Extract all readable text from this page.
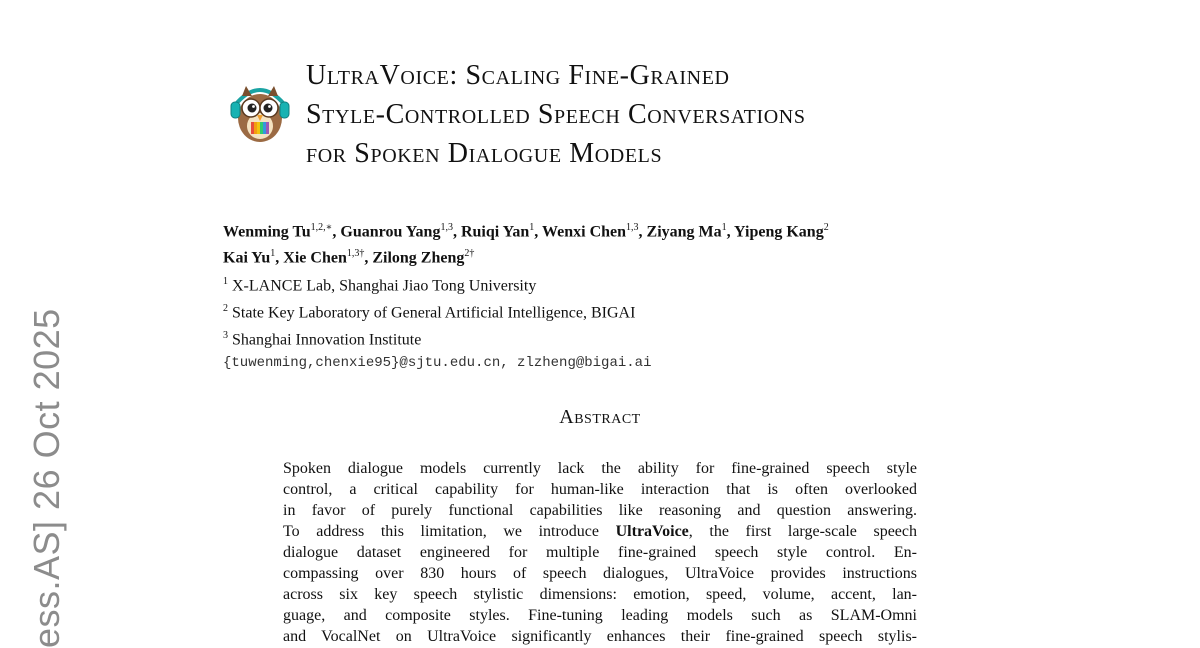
ess.AS] 26 Oct 2025
UltraVoice: Scaling Fine-Grained
Style-Controlled Speech Conversations
for Spoken Dialogue Models
Wenming $Tu^{1,2,∗}$, Guanrou Yang$^{1,3}$, Ruiqi Yan$^1$, Wenxi Chen$^{1,3}$, Ziyang Ma$^1$, Yipeng Kang$^2$
Kai Yu$^1$, Xie Chen$^{1,3\dagger}$, Zilong Zheng$^{2\dagger}$
$^1$ X-LANCE Lab, Shanghai Jiao Tong University
$^2$ State Key Laboratory of General Artificial Intelligence, BIGAI
$^3$ Shanghai Innovation Institute
{tuwenming,chenxie95}@sjtu.edu.cn, zlzheng@bigai.ai
Abstract
Spoken dialogue models currently lack the ability for fine-grained speech style
control, a critical capability for human-like interaction that is often overlooked
in favor of purely functional capabilities like reasoning and question answering.
To address this limitation, we introduce UltraVoice, the first large-scale speech
dialogue dataset engineered for multiple fine-grained speech style control. En-
compassing over 830 hours of speech dialogues, UltraVoice provides instructions
across six key speech stylistic dimensions: emotion, speed, volume, accent, lan-
guage, and composite styles. Fine-tuning leading models such as SLAM-Omni
and VocalNet on UltraVoice significantly enhances their fine-grained speech stylis-
